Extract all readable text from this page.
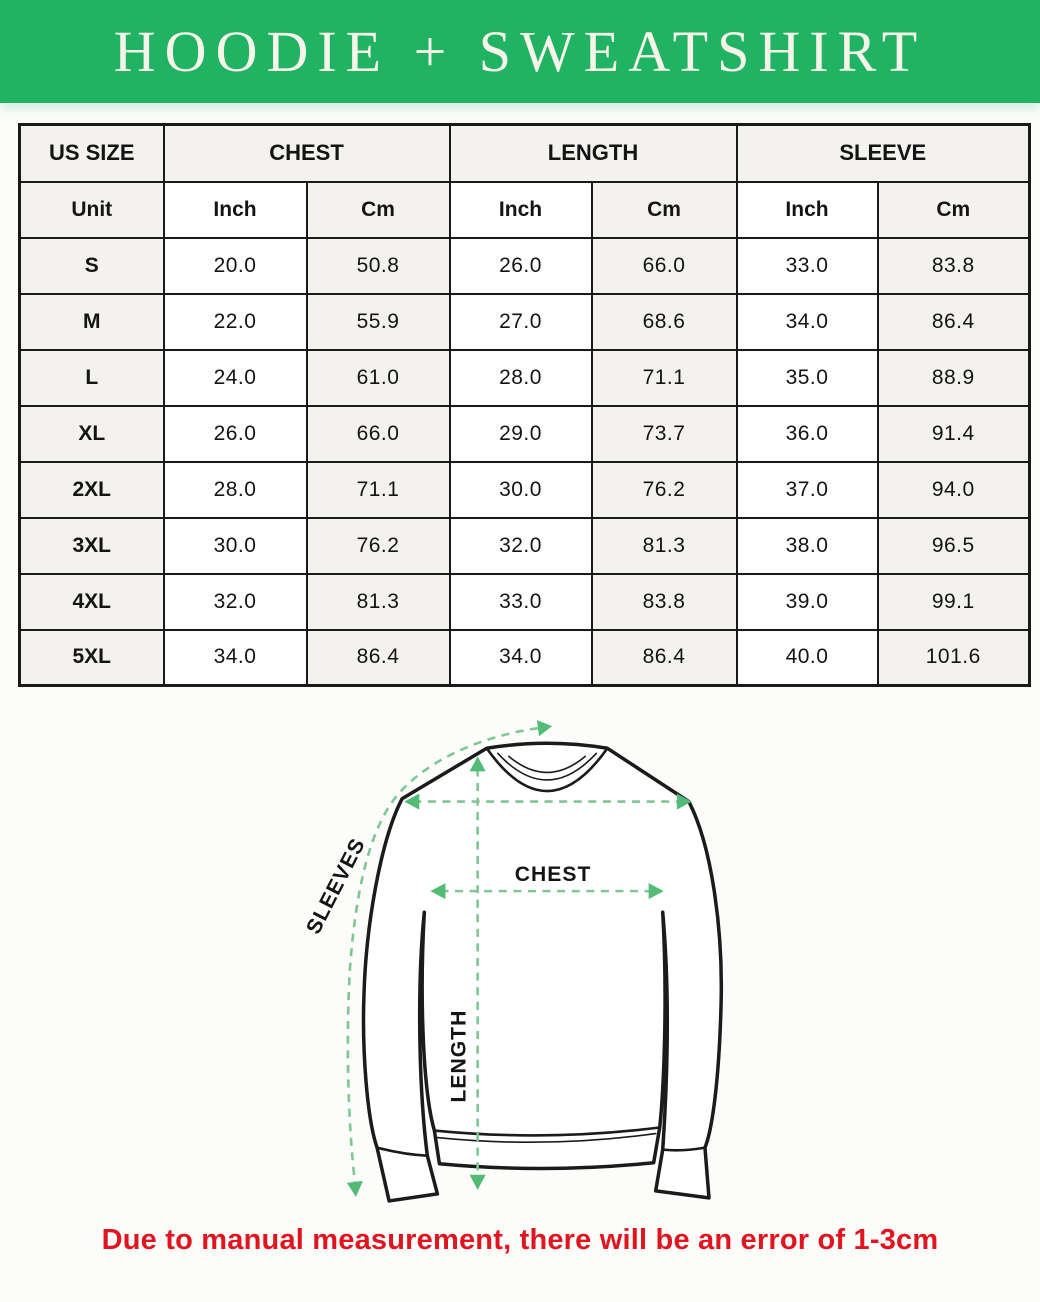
HOODIE + SWEATSHIRT
US SIZE	CHEST		LENGTH		SLEEVE	
Unit	Inch	Cm	Inch	Cm	Inch	Cm
S	20.0	50.8	26.0	66.0	33.0	83.8
M	22.0	55.9	27.0	68.6	34.0	86.4
L	24.0	61.0	28.0	71.1	35.0	88.9
XL	26.0	66.0	29.0	73.7	36.0	91.4
2XL	28.0	71.1	30.0	76.2	37.0	94.0
3XL	30.0	76.2	32.0	81.3	38.0	96.5
4XL	32.0	81.3	33.0	83.8	39.0	99.1
5XL	34.0	86.4	34.0	86.4	40.0	101.6
CHEST
LENGTH
SLEEVES
Due to manual measurement, there will be an error of 1-3cm
